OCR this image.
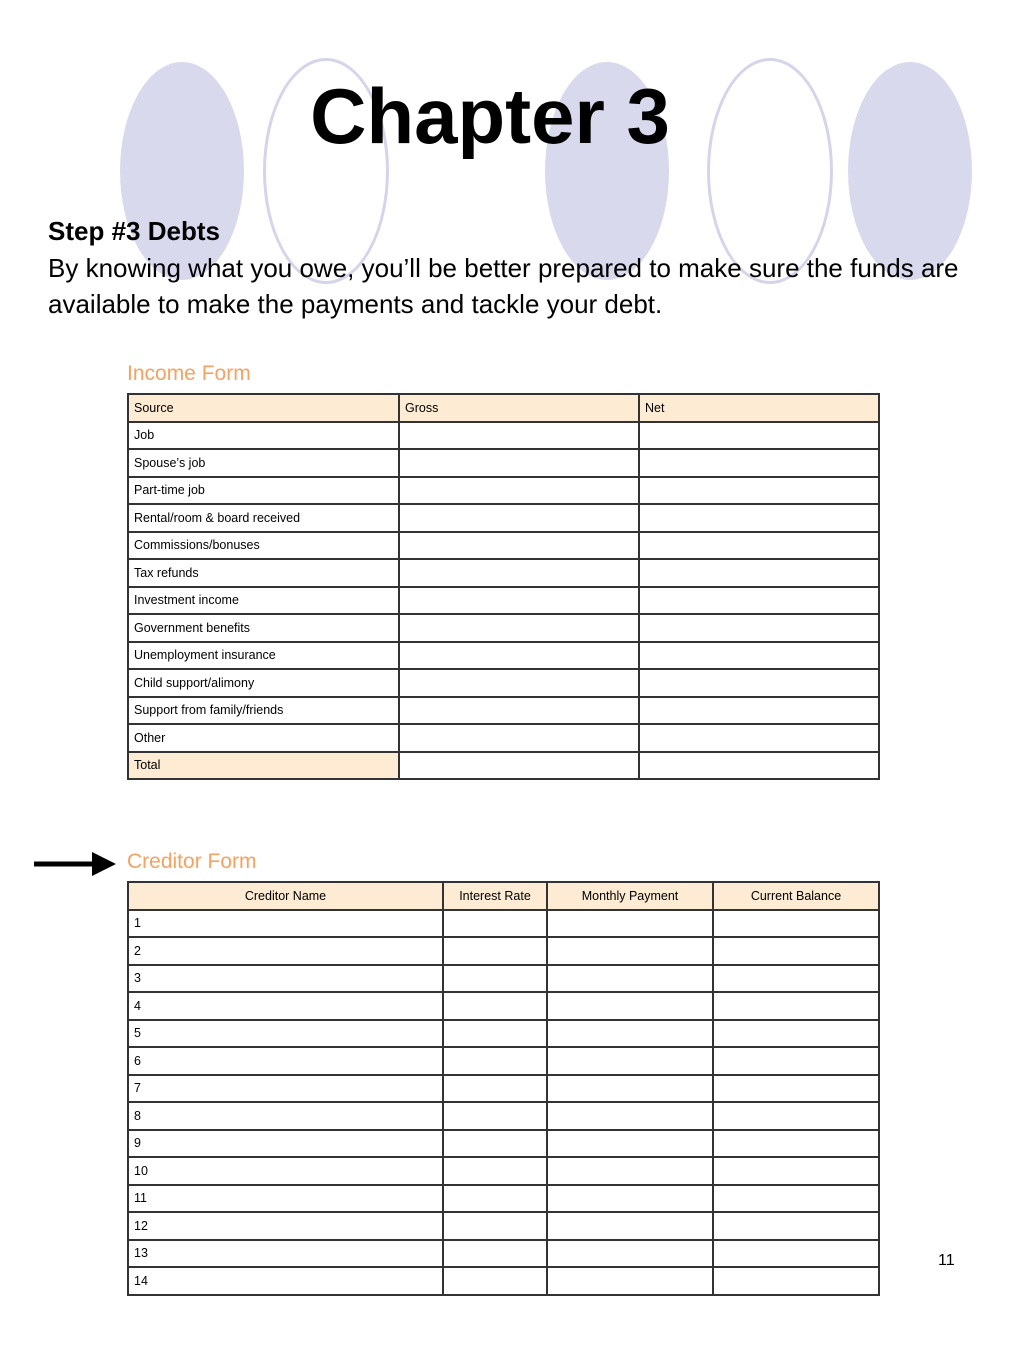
Chapter 3
Step #3 Debts
By knowing what you owe, you’ll be better prepared to make sure the funds are available to make the payments and tackle your debt.
Income Form
Source	Gross	Net
Job		
Spouse’s job		
Part-time job		
Rental/room & board received		
Commissions/bonuses		
Tax refunds		
Investment income		
Government benefits		
Unemployment insurance		
Child support/alimony		
Support from family/friends		
Other		
Total		
Creditor Form
Creditor Name	Interest Rate	Monthly Payment	Current Balance
1			
2			
3			
4			
5			
6			
7			
8			
9			
10			
11			
12			
13			
14			
11
